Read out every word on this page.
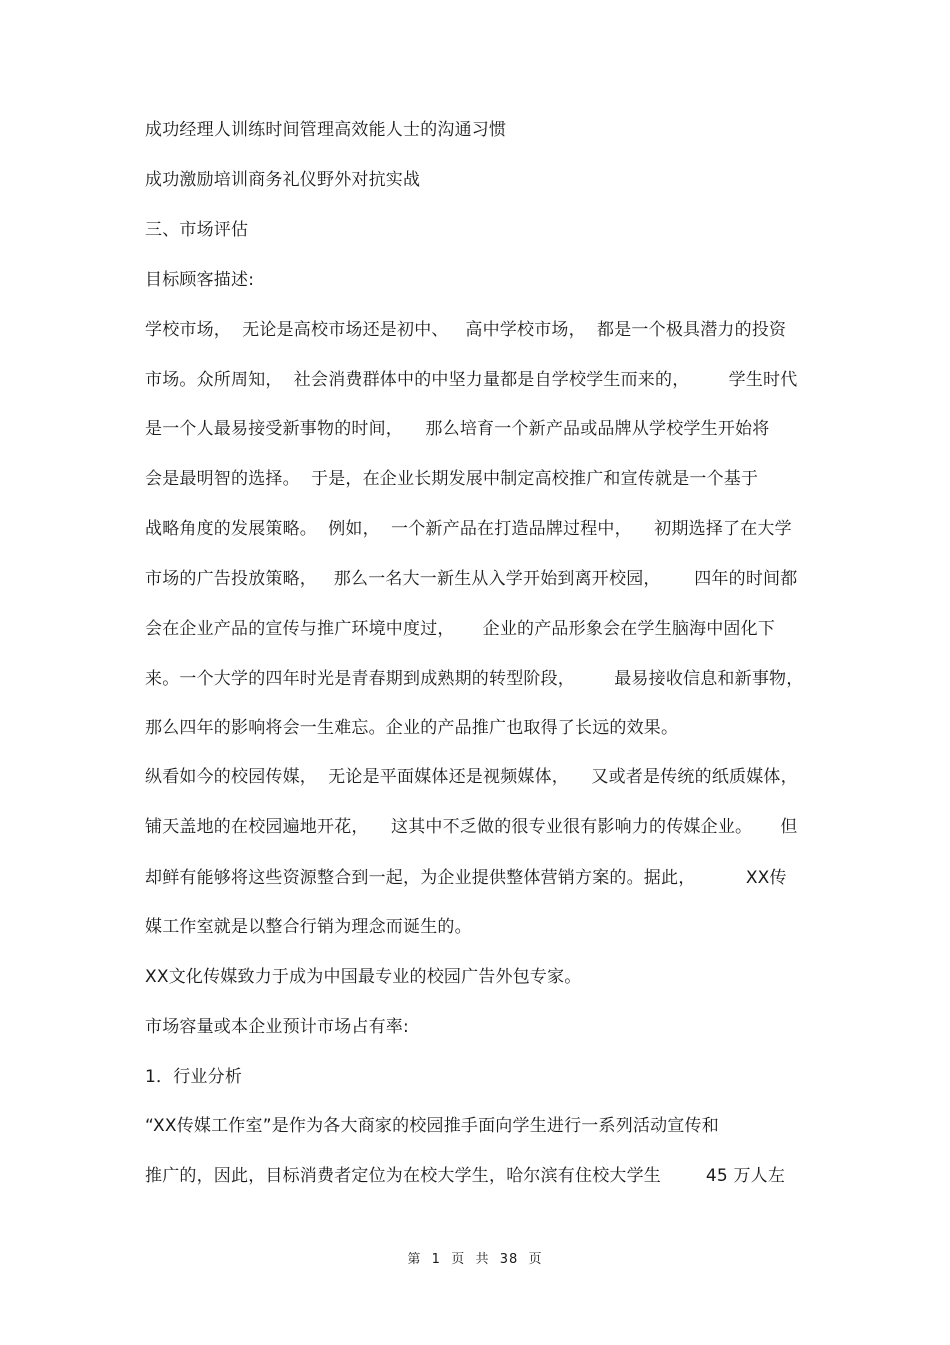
成功经理人训练时间管理高效能人士的沟通习惯
成功激励培训商务礼仪野外对抗实战
三、市场评估
目标顾客描述:
学校市场，  无论是高校市场还是初中、   高中学校市场，  都是一个极具潜力的投资
市场。众所周知，  社会消费群体中的中坚力量都是自学校学生而来的，       学生时代
是一个人最易接受新事物的时间，    那么培育一个新产品或品牌从学校学生开始将
会是最明智的选择。  于是，在企业长期发展中制定高校推广和宣传就是一个基于
战略角度的发展策略。  例如，  一个新产品在打造品牌过程中，    初期选择了在大学
市场的广告投放策略，   那么一名大一新生从入学开始到离开校园，      四年的时间都
会在企业产品的宣传与推广环境中度过，     企业的产品形象会在学生脑海中固化下
来。一个大学的四年时光是青春期到成熟期的转型阶段，       最易接收信息和新事物，
那么四年的影响将会一生难忘。企业的产品推广也取得了长远的效果。
纵看如今的校园传媒，  无论是平面媒体还是视频媒体，    又或者是传统的纸质媒体，
铺天盖地的在校园遍地开花，    这其中不乏做的很专业很有影响力的传媒企业。     但
却鲜有能够将这些资源整合到一起，为企业提供整体营销方案的。据此，         XX传
媒工作室就是以整合行销为理念而诞生的。
XX文化传媒致力于成为中国最专业的校园广告外包专家。
市场容量或本企业预计市场占有率:
1．行业分析
“XX传媒工作室”是作为各大商家的校园推手面向学生进行一系列活动宣传和
推广的，因此，目标消费者定位为在校大学生，哈尔滨有住校大学生        45 万人左
第  1  页  共  38  页
